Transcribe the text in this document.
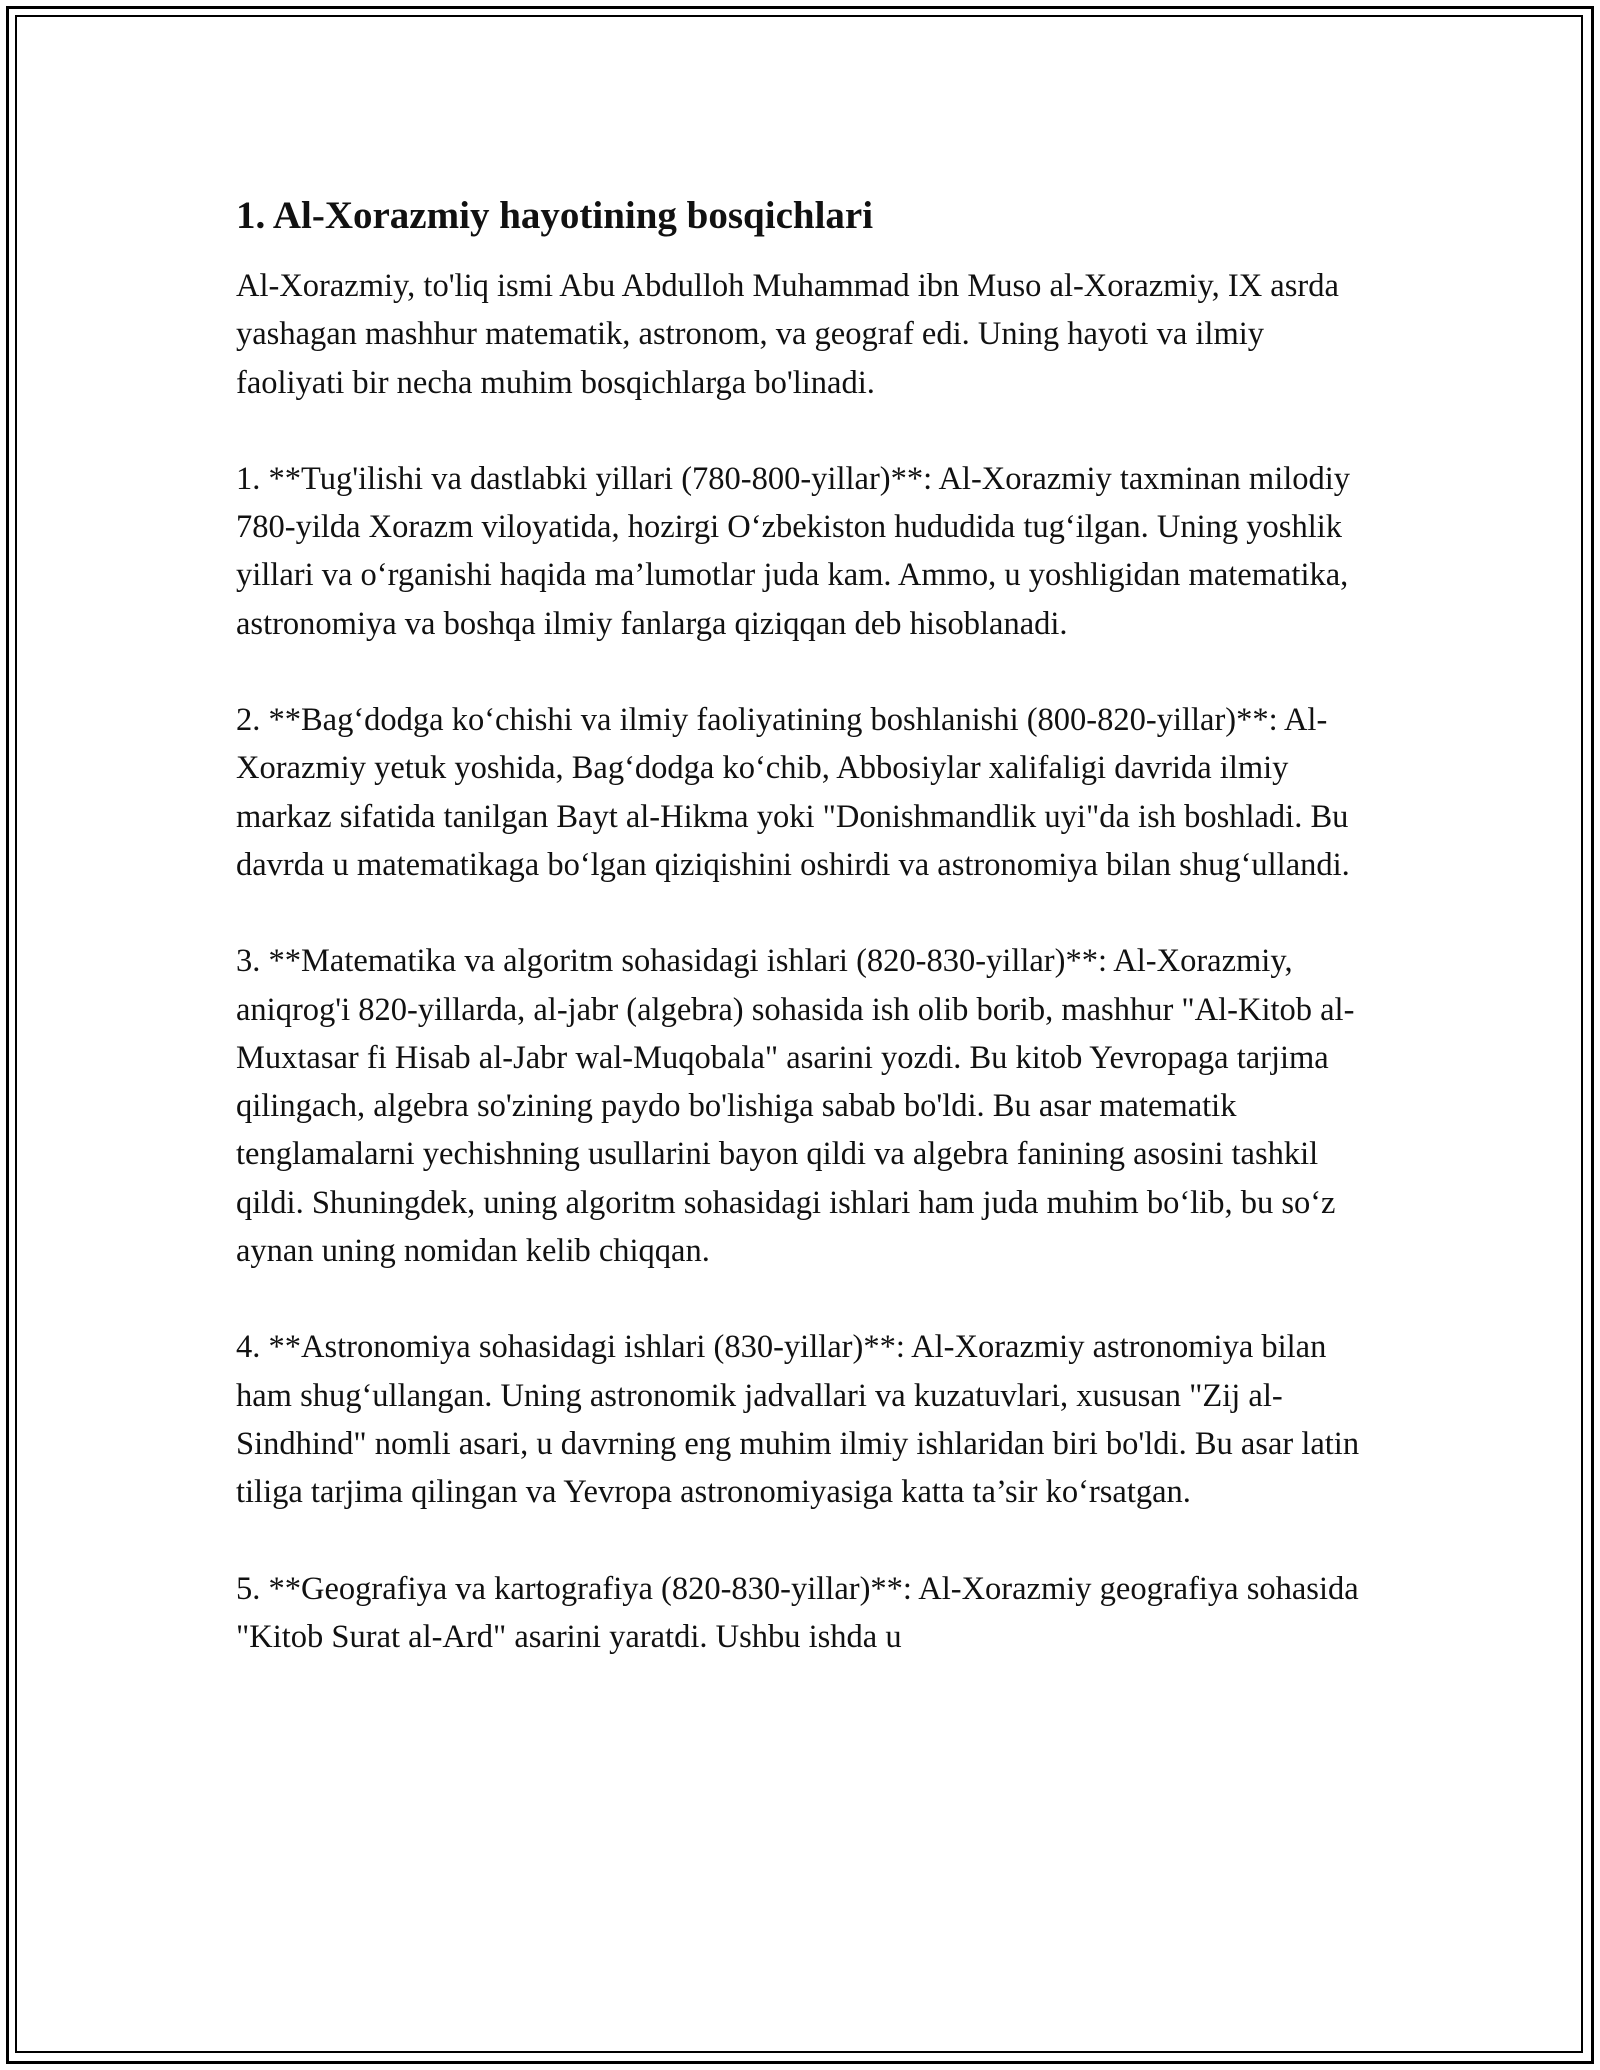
1. Al-Xorazmiy hayotining bosqichlari

Al-Xorazmiy, to'liq ismi Abu Abdulloh Muhammad ibn Muso al-Xorazmiy, IX asrda yashagan mashhur matematik, astronom, va geograf edi. Uning hayoti va ilmiy faoliyati bir necha muhim bosqichlarga bo'linadi.

1. **Tug'ilishi va dastlabki yillari (780-800-yillar)**: Al-Xorazmiy taxminan milodiy 780-yilda Xorazm viloyatida, hozirgi O‘zbekiston hududida tug‘ilgan. Uning yoshlik yillari va o‘rganishi haqida ma’lumotlar juda kam. Ammo, u yoshligidan matematika, astronomiya va boshqa ilmiy fanlarga qiziqqan deb hisoblanadi.

2. **Bag‘dodga ko‘chishi va ilmiy faoliyatining boshlanishi (800-820-yillar)**: Al-Xorazmiy yetuk yoshida, Bag‘dodga ko‘chib, Abbosiylar xalifaligi davrida ilmiy markaz sifatida tanilgan Bayt al-Hikma yoki "Donishmandlik uyi"da ish boshladi. Bu davrda u matematikaga bo‘lgan qiziqishini oshirdi va astronomiya bilan shug‘ullandi.

3. **Matematika va algoritm sohasidagi ishlari (820-830-yillar)**: Al-Xorazmiy, aniqrog'i 820-yillarda, al-jabr (algebra) sohasida ish olib borib, mashhur "Al-Kitob al-Muxtasar fi Hisab al-Jabr wal-Muqobala" asarini yozdi. Bu kitob Yevropaga tarjima qilingach, algebra so'zining paydo bo'lishiga sabab bo'ldi. Bu asar matematik tenglamalarni yechishning usullarini bayon qildi va algebra fanining asosini tashkil qildi. Shuningdek, uning algoritm sohasidagi ishlari ham juda muhim bo‘lib, bu so‘z aynan uning nomidan kelib chiqqan.

4. **Astronomiya sohasidagi ishlari (830-yillar)**: Al-Xorazmiy astronomiya bilan ham shug‘ullangan. Uning astronomik jadvallari va kuzatuvlari, xususan "Zij al-Sindhind" nomli asari, u davrning eng muhim ilmiy ishlaridan biri bo'ldi. Bu asar latin tiliga tarjima qilingan va Yevropa astronomiyasiga katta ta’sir ko‘rsatgan.

5. **Geografiya va kartografiya (820-830-yillar)**: Al-Xorazmiy geografiya sohasida "Kitob Surat al-Ard" asarini yaratdi. Ushbu ishda u
